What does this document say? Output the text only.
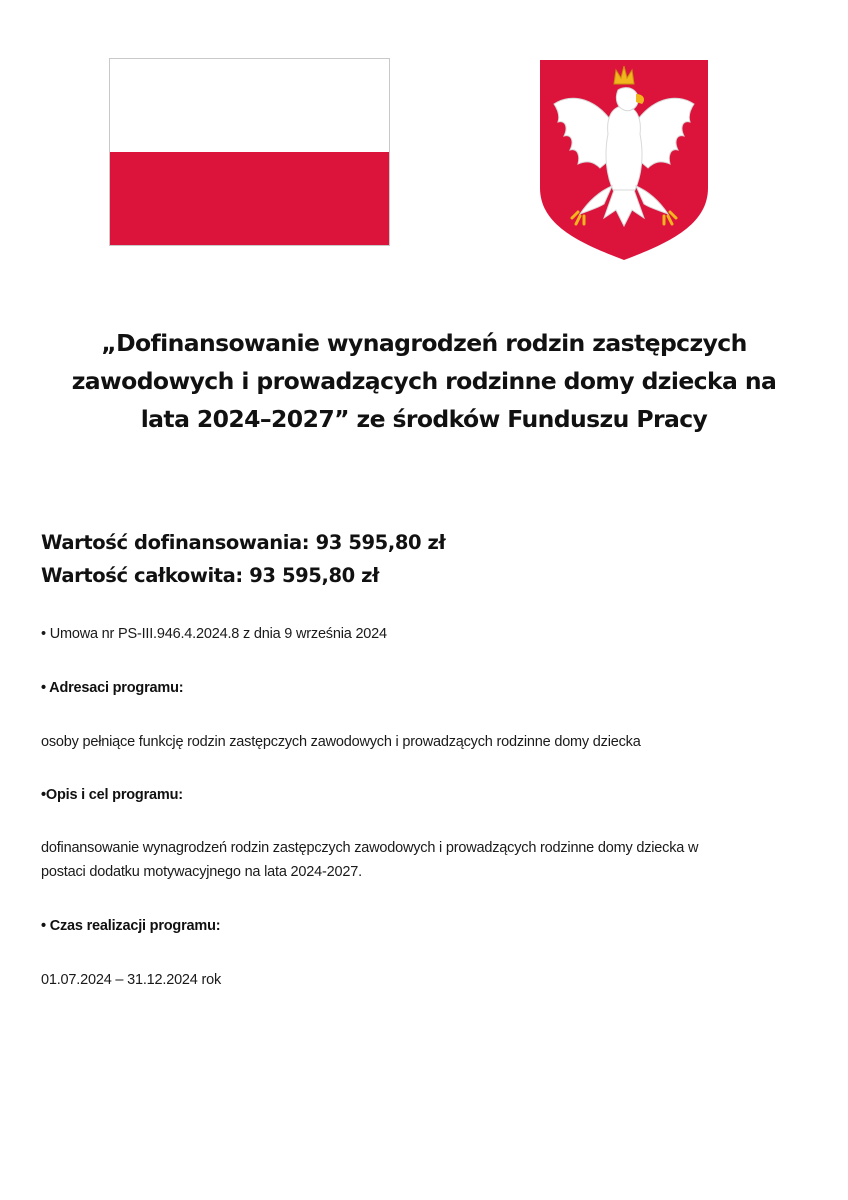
„Dofinansowanie wynagrodzeń rodzin zastępczych
zawodowych i prowadzących rodzinne domy dziecka na
lata 2024–2027” ze środków Funduszu Pracy
Wartość dofinansowania: 93 595,80 zł
Wartość całkowita: 93 595,80 zł

• Umowa nr PS-III.946.4.2024.8 z dnia 9 września 2024

• Adresaci programu:

osoby pełniące funkcję rodzin zastępczych zawodowych i prowadzących rodzinne domy dziecka

•Opis i cel programu:

dofinansowanie wynagrodzeń rodzin zastępczych zawodowych i prowadzących rodzinne domy dziecka w

postaci dodatku motywacyjnego na lata 2024-2027.

• Czas realizacji programu:

01.07.2024 – 31.12.2024 rok
